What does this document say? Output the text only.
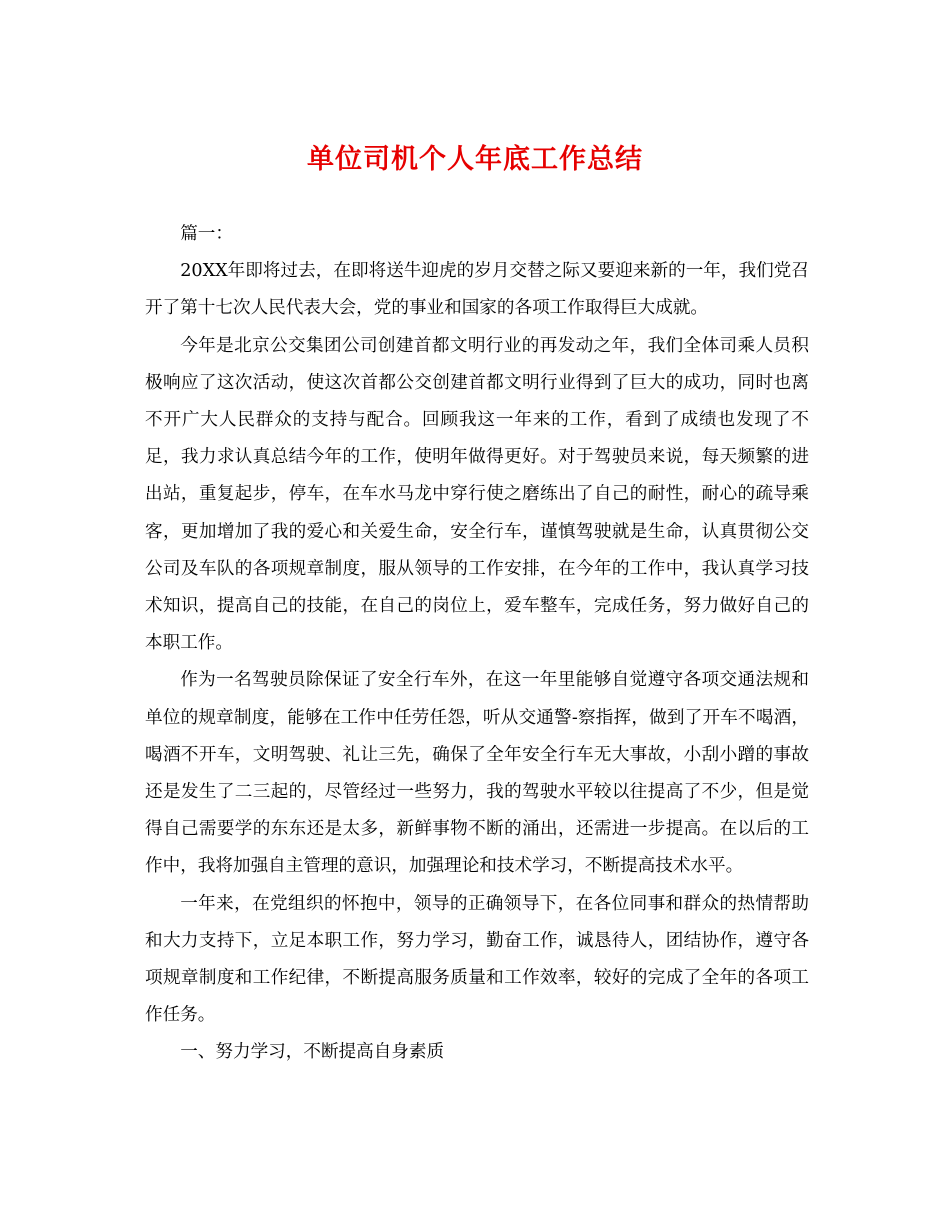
单位司机个人年底工作总结

篇一：

20XX年即将过去，在即将送牛迎虎的岁月交替之际又要迎来新的一年，我们党召开了第十七次人民代表大会，党的事业和国家的各项工作取得巨大成就。

今年是北京公交集团公司创建首都文明行业的再发动之年，我们全体司乘人员积极响应了这次活动，使这次首都公交创建首都文明行业得到了巨大的成功，同时也离不开广大人民群众的支持与配合。回顾我这一年来的工作，看到了成绩也发现了不足，我力求认真总结今年的工作，使明年做得更好。对于驾驶员来说，每天频繁的进出站，重复起步，停车，在车水马龙中穿行使之磨练出了自己的耐性，耐心的疏导乘客，更加增加了我的爱心和关爱生命，安全行车，谨慎驾驶就是生命，认真贯彻公交公司及车队的各项规章制度，服从领导的工作安排，在今年的工作中，我认真学习技术知识，提高自己的技能，在自己的岗位上，爱车整车，完成任务，努力做好自己的本职工作。

作为一名驾驶员除保证了安全行车外，在这一年里能够自觉遵守各项交通法规和单位的规章制度，能够在工作中任劳任怨，听从交通警-察指挥，做到了开车不喝酒，喝酒不开车，文明驾驶、礼让三先，确保了全年安全行车无大事故，小刮小蹭的事故还是发生了二三起的，尽管经过一些努力，我的驾驶水平较以往提高了不少，但是觉得自己需要学的东东还是太多，新鲜事物不断的涌出，还需进一步提高。在以后的工作中，我将加强自主管理的意识，加强理论和技术学习，不断提高技术水平。

一年来，在党组织的怀抱中，领导的正确领导下，在各位同事和群众的热情帮助和大力支持下，立足本职工作，努力学习，勤奋工作，诚恳待人，团结协作，遵守各项规章制度和工作纪律，不断提高服务质量和工作效率，较好的完成了全年的各项工作任务。

一、努力学习，不断提高自身素质
